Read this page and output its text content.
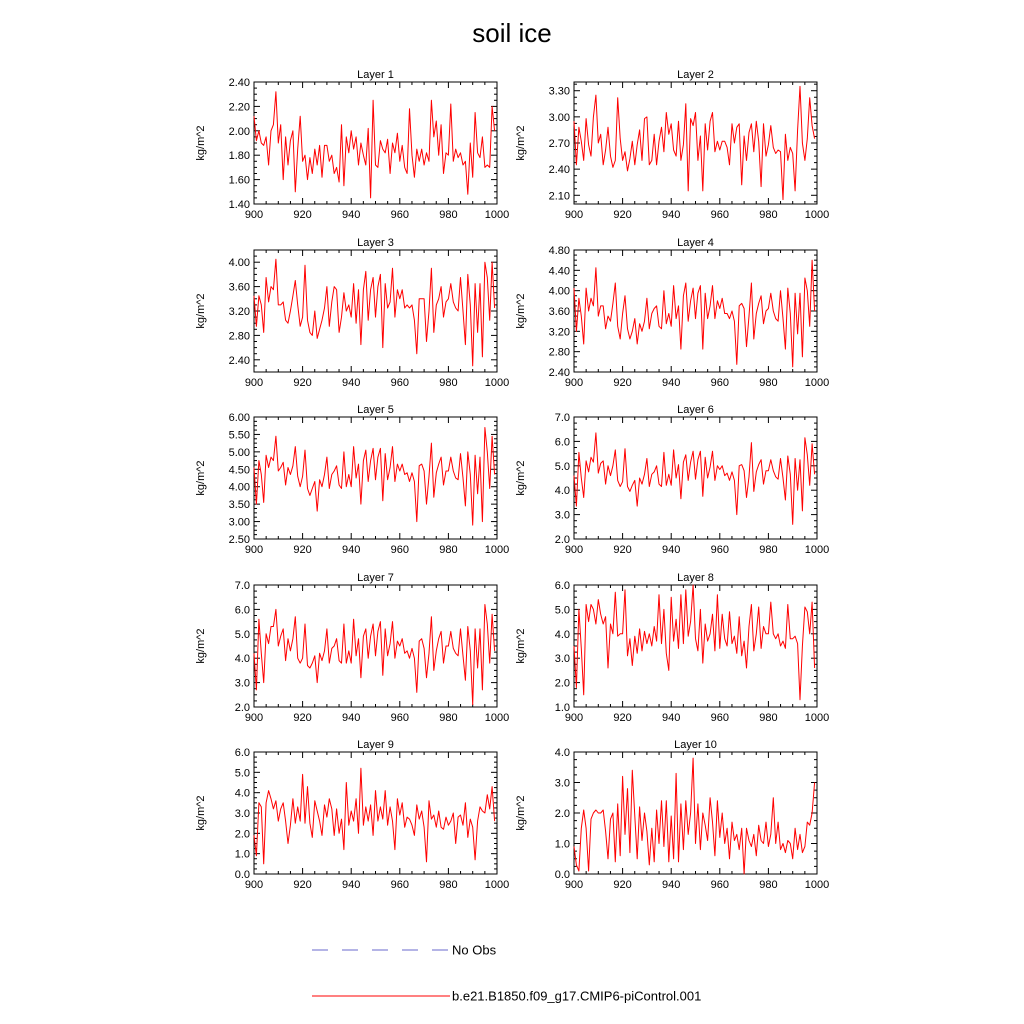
soil ice
Layer 1
kg/m^2
900	920	940	960	980 1000
1.40
1.60
1.80
2.00
2.20
2.40
Layer 2
kg/m^2
900	920	940	960	980 1000
2.10
2.40
2.70
3.00
3.30
Layer 3
kg/m^2
900	920	940	960	980 1000
2.40
2.80
3.20
3.60
4.00
Layer 4
kg/m^2
900	920	940	960	980 1000
2.40
2.80
3.20
3.60
4.00
4.40
4.80
Layer 5
kg/m^2
900	920	940	960	980 1000
2.50
3.00
3.50
4.00
4.50
5.00
5.50
6.00
Layer 6
kg/m^2
900	920	940	960	980 1000
2.0
3.0
4.0
5.0
6.0
7.0
Layer 7
kg/m^2
900	920	940	960	980 1000
2.0
3.0
4.0
5.0
6.0
7.0
Layer 8
kg/m^2
900	920	940	960	980 1000
1.0
2.0
3.0
4.0
5.0
6.0
Layer 9
kg/m^2
900	920	940	960	980 1000
0.0
1.0
2.0
3.0
4.0
5.0
6.0
Layer 10
kg/m^2
900	920	940	960	980 1000
0.0
1.0
2.0
3.0
4.0
No Obs
b.e21.B1850.f09_g17.CMIP6-piControl.001
